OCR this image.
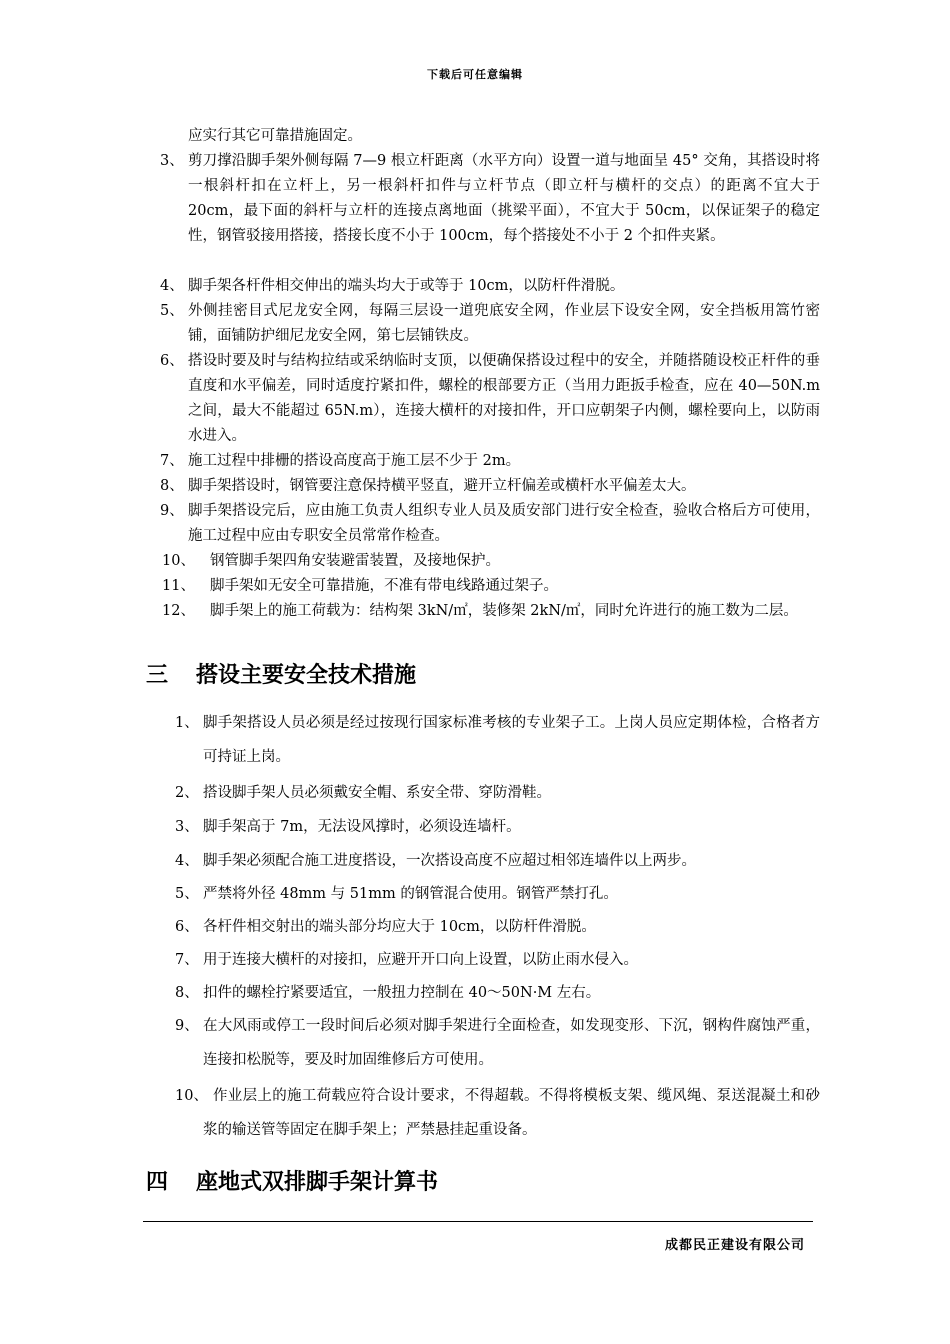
下载后可任意编辑
应实行其它可靠措施固定。
3、 剪刀撑沿脚手架外侧每隔 7—9 根立杆距离（水平方向）设置一道与地面呈 45° 交角，其搭设时将一根斜杆扣在立杆上，另一根斜杆扣件与立杆节点（即立杆与横杆的交点）的距离不宜大于 20cm，最下面的斜杆与立杆的连接点离地面（挑梁平面），不宜大于 50cm，以保证架子的稳定性，钢管驳接用搭接，搭接长度不小于 100cm，每个搭接处不小于 2 个扣件夹紧。
4、 脚手架各杆件相交伸出的端头均大于或等于 10cm，以防杆件滑脱。
5、 外侧挂密目式尼龙安全网，每隔三层设一道兜底安全网，作业层下设安全网，安全挡板用篙竹密铺，面铺防护细尼龙安全网，第七层铺铁皮。
6、 搭设时要及时与结构拉结或采纳临时支顶，以便确保搭设过程中的安全，并随搭随设校正杆件的垂直度和水平偏差，同时适度拧紧扣件，螺栓的根部要方正（当用力距扳手检查，应在 40—50N.m 之间，最大不能超过 65N.m），连接大横杆的对接扣件，开口应朝架子内侧，螺栓要向上，以防雨水进入。
7、 施工过程中排栅的搭设高度高于施工层不少于 2m。
8、 脚手架搭设时，钢管要注意保持横平竖直，避开立杆偏差或横杆水平偏差太大。
9、 脚手架搭设完后，应由施工负责人组织专业人员及质安部门进行安全检查，验收合格后方可使用，施工过程中应由专职安全员常常作检查。
10、	钢管脚手架四角安装避雷装置，及接地保护。
11、	脚手架如无安全可靠措施，不准有带电线路通过架子。
12、	脚手架上的施工荷载为：结构架 3kN/㎡，装修架 2kN/㎡，同时允许进行的施工数为二层。
三 搭设主要安全技术措施
1、 脚手架搭设人员必须是经过按现行国家标准考核的专业架子工。上岗人员应定期体检，合格者方可持证上岗。
2、 搭设脚手架人员必须戴安全帽、系安全带、穿防滑鞋。
3、 脚手架高于 7m，无法设风撑时，必须设连墙杆。
4、 脚手架必须配合施工进度搭设，一次搭设高度不应超过相邻连墙件以上两步。
5、 严禁将外径 48mm 与 51mm 的钢管混合使用。钢管严禁打孔。
6、 各杆件相交射出的端头部分均应大于 10cm，以防杆件滑脱。
7、 用于连接大横杆的对接扣，应避开开口向上设置，以防止雨水侵入。
8、 扣件的螺栓拧紧要适宜，一般扭力控制在 40～50N·M 左右。
9、 在大风雨或停工一段时间后必须对脚手架进行全面检查，如发现变形、下沉，钢构件腐蚀严重，连接扣松脱等，要及时加固维修后方可使用。
10、 作业层上的施工荷载应符合设计要求，不得超载。不得将模板支架、缆风绳、泵送混凝土和砂浆的输送管等固定在脚手架上；严禁悬挂起重设备。
四 座地式双排脚手架计算书
成都民正建设有限公司
